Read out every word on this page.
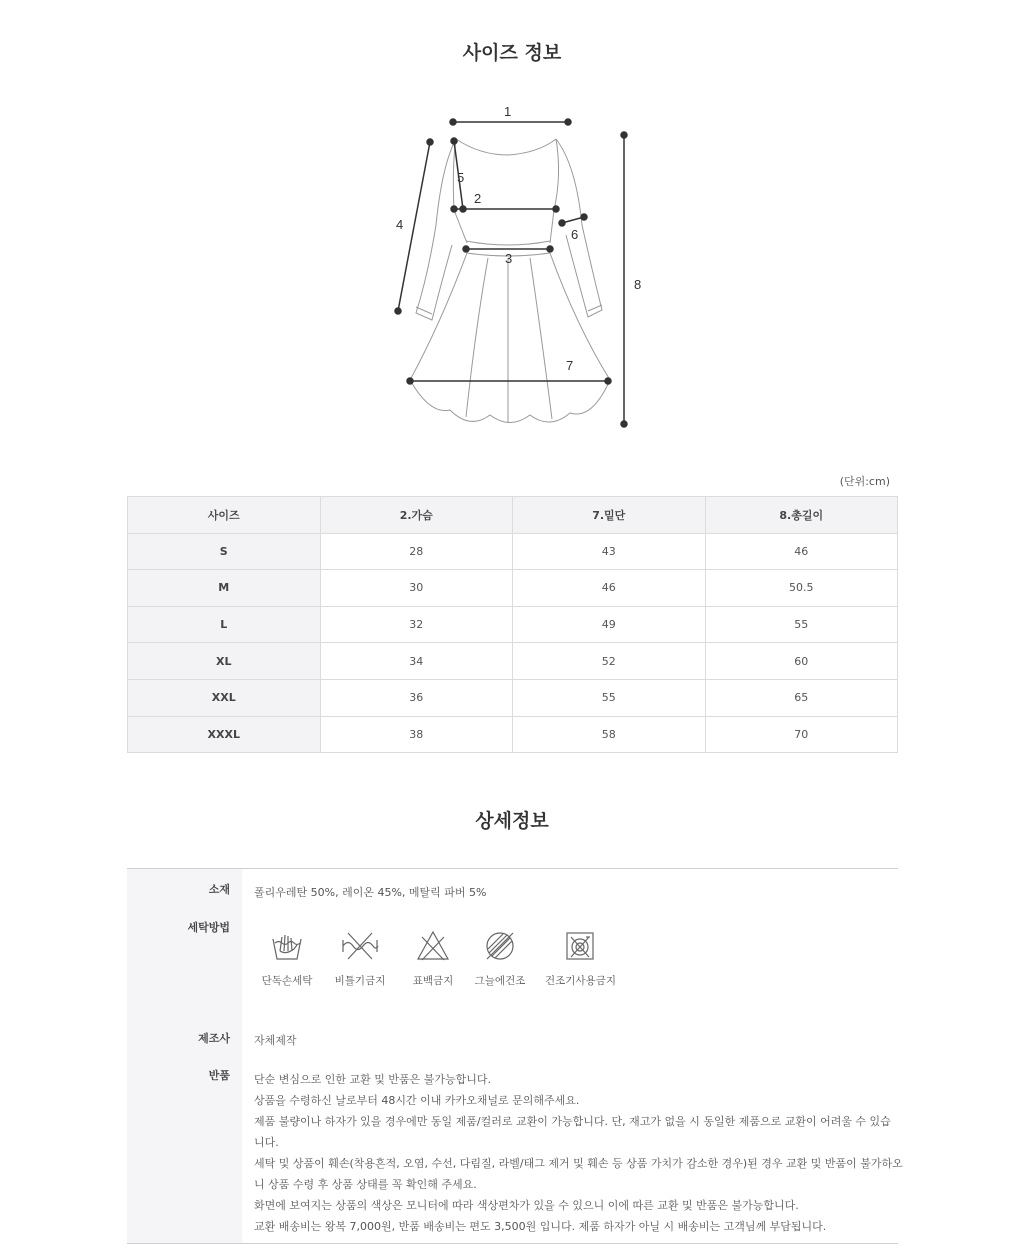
사이즈 정보
1
2
3
4
5
6
7
8
(단위:cm)
사이즈	2.가슴	7.밑단	8.총길이
S	28	43	46
M	30	46	50.5
L	32	49	55
XL	34	52	60
XXL	36	55	65
XXXL	38	58	70
상세정보
소재 폴리우레탄 50%, 레이온 45%, 메탈릭 파버 5%
세탁방법
단독손세탁	비틀기금지	표백금지	그늘에건조	건조기사용금지
제조사 자체제작
반품 단순 변심으로 인한 교환 및 반품은 불가능합니다.
상품을 수령하신 날로부터 48시간 이내 카카오채널로 문의해주세요.
제품 불량이나 하자가 있을 경우에만 동일 제품/컬러로 교환이 가능합니다. 단, 재고가 없을 시 동일한 제품으로 교환이 어려울 수 있습
니다.
세탁 및 상품이 훼손(착용흔적, 오염, 수선, 다림질, 라벨/태그 제거 및 훼손 등 상품 가치가 감소한 경우)된 경우 교환 및 반품이 불가하오
니 상품 수령 후 상품 상태를 꼭 확인해 주세요.
화면에 보여지는 상품의 색상은 모니터에 따라 색상편차가 있을 수 있으니 이에 따른 교환 및 반품은 불가능합니다.
교환 배송비는 왕복 7,000원, 반품 배송비는 편도 3,500원 입니다. 제품 하자가 아닐 시 배송비는 고객님께 부담됩니다.
